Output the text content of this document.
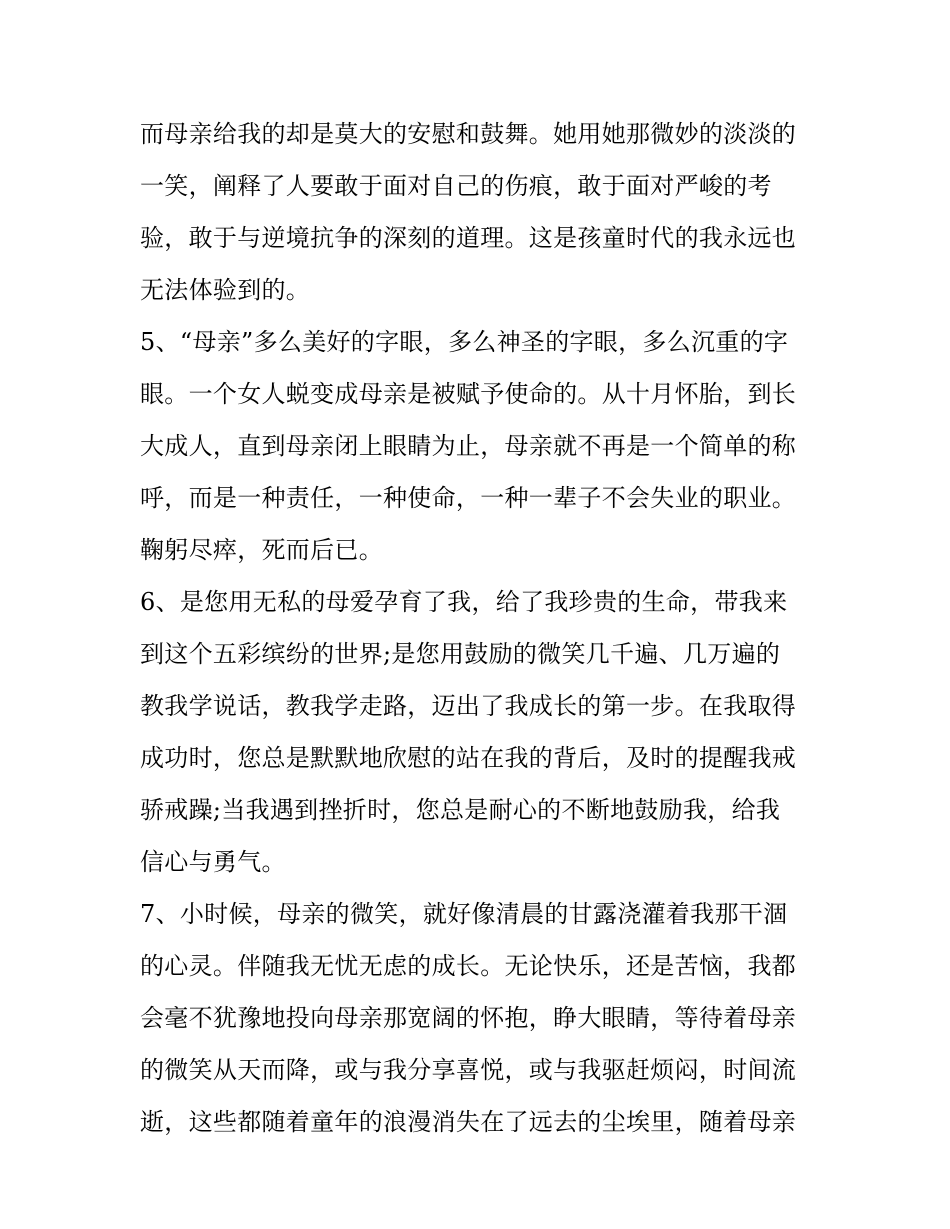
而母亲给我的却是莫大的安慰和鼓舞。她用她那微妙的淡淡的
一笑，阐释了人要敢于面对自己的伤痕，敢于面对严峻的考
验，敢于与逆境抗争的深刻的道理。这是孩童时代的我永远也
无法体验到的。
5、“母亲”多么美好的字眼，多么神圣的字眼，多么沉重的字
眼。一个女人蜕变成母亲是被赋予使命的。从十月怀胎，到长
大成人，直到母亲闭上眼睛为止，母亲就不再是一个简单的称
呼，而是一种责任，一种使命，一种一辈子不会失业的职业。
鞠躬尽瘁，死而后已。
6、是您用无私的母爱孕育了我，给了我珍贵的生命，带我来
到这个五彩缤纷的世界;是您用鼓励的微笑几千遍、几万遍的
教我学说话，教我学走路，迈出了我成长的第一步。在我取得
成功时，您总是默默地欣慰的站在我的背后，及时的提醒我戒
骄戒躁;当我遇到挫折时，您总是耐心的不断地鼓励我，给我
信心与勇气。
7、小时候，母亲的微笑，就好像清晨的甘露浇灌着我那干涸
的心灵。伴随我无忧无虑的成长。无论快乐，还是苦恼，我都
会毫不犹豫地投向母亲那宽阔的怀抱，睁大眼睛，等待着母亲
的微笑从天而降，或与我分享喜悦，或与我驱赶烦闷，时间流
逝，这些都随着童年的浪漫消失在了远去的尘埃里，随着母亲
